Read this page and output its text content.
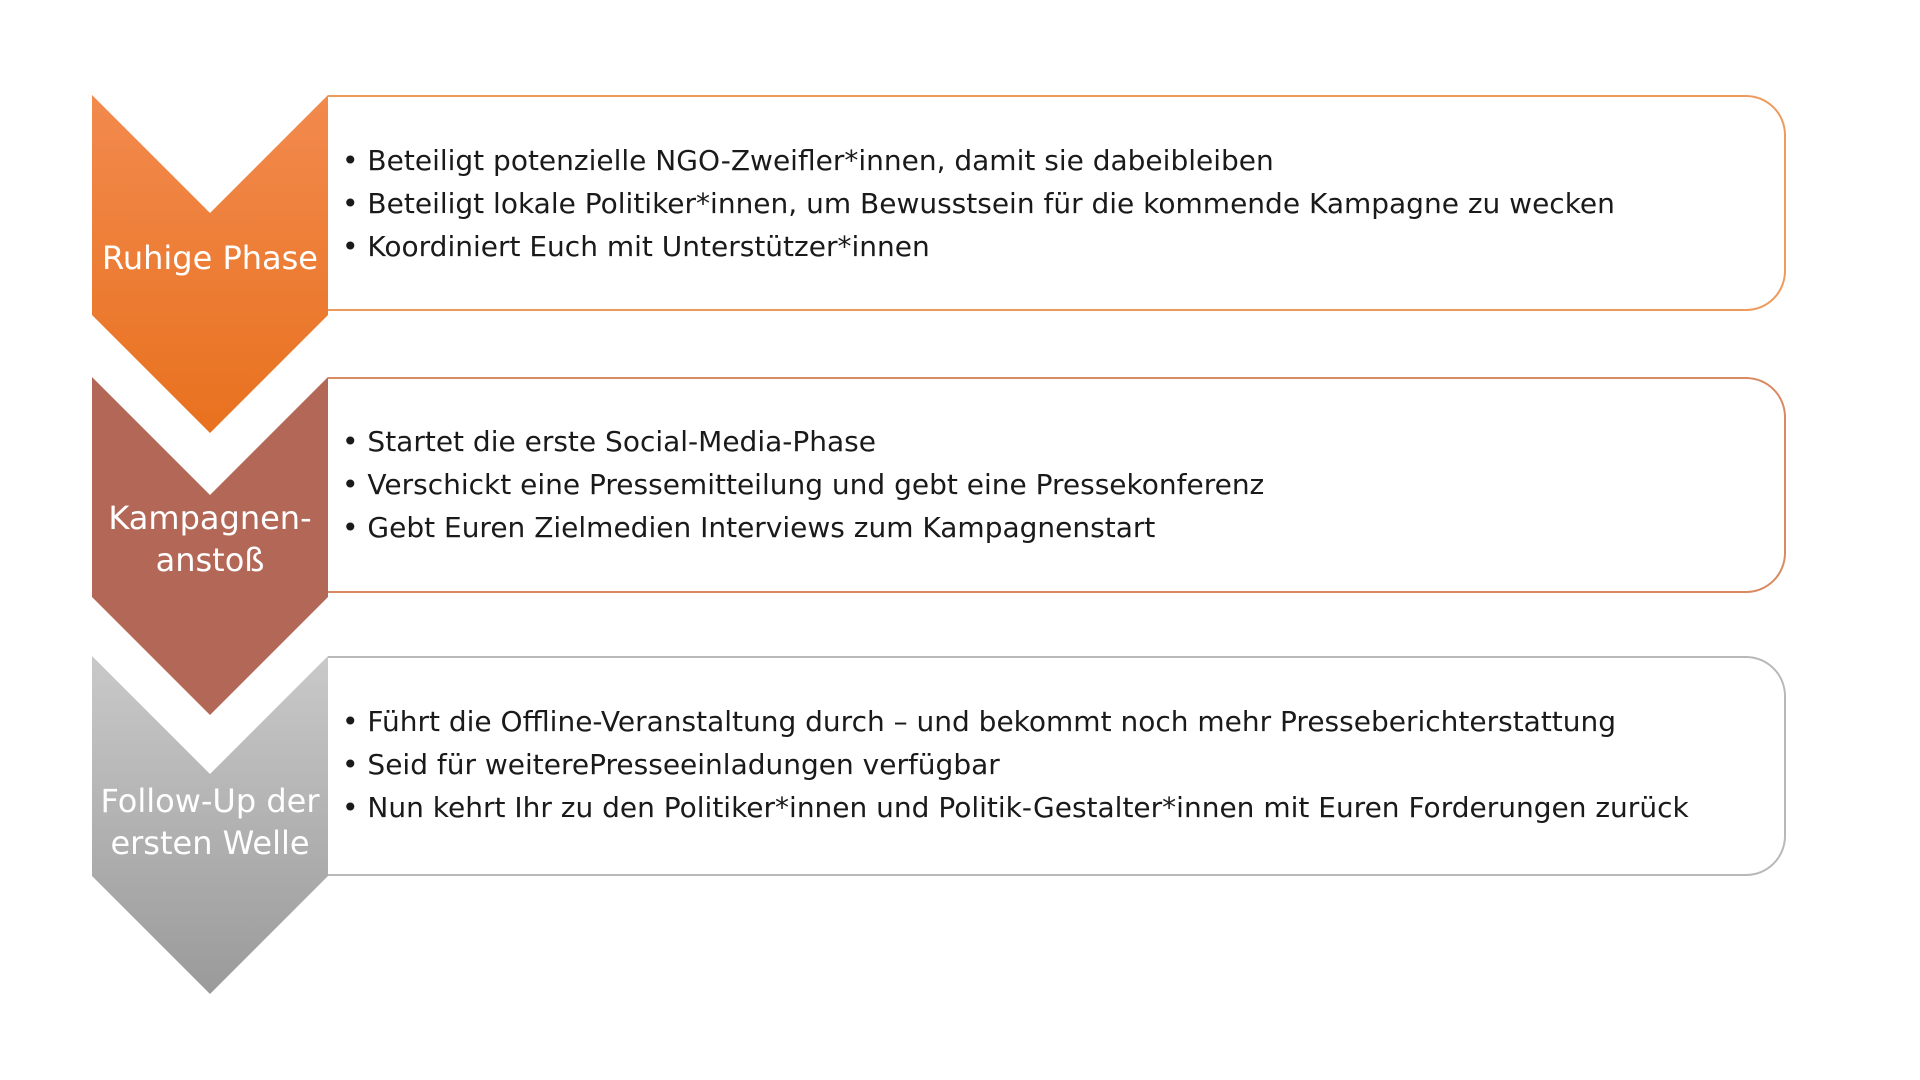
Ruhige Phase
• Beteiligt potenzielle NGO-Zweifler*innen, damit sie dabeibleiben
• Beteiligt lokale Politiker*innen, um Bewusstsein für die kommende Kampagne zu wecken
• Koordiniert Euch mit Unterstützer*innen
Kampagnen-
anstoß
• Startet die erste Social-Media-Phase
• Verschickt eine Pressemitteilung und gebt eine Pressekonferenz
• Gebt Euren Zielmedien Interviews zum Kampagnenstart
Follow-Up der
ersten Welle
• Führt die Offline-Veranstaltung durch – und bekommt noch mehr Presseberichterstattung
• Seid für weiterePresseeinladungen verfügbar
• Nun kehrt Ihr zu den Politiker*innen und Politik-Gestalter*innen mit Euren Forderungen zurück
